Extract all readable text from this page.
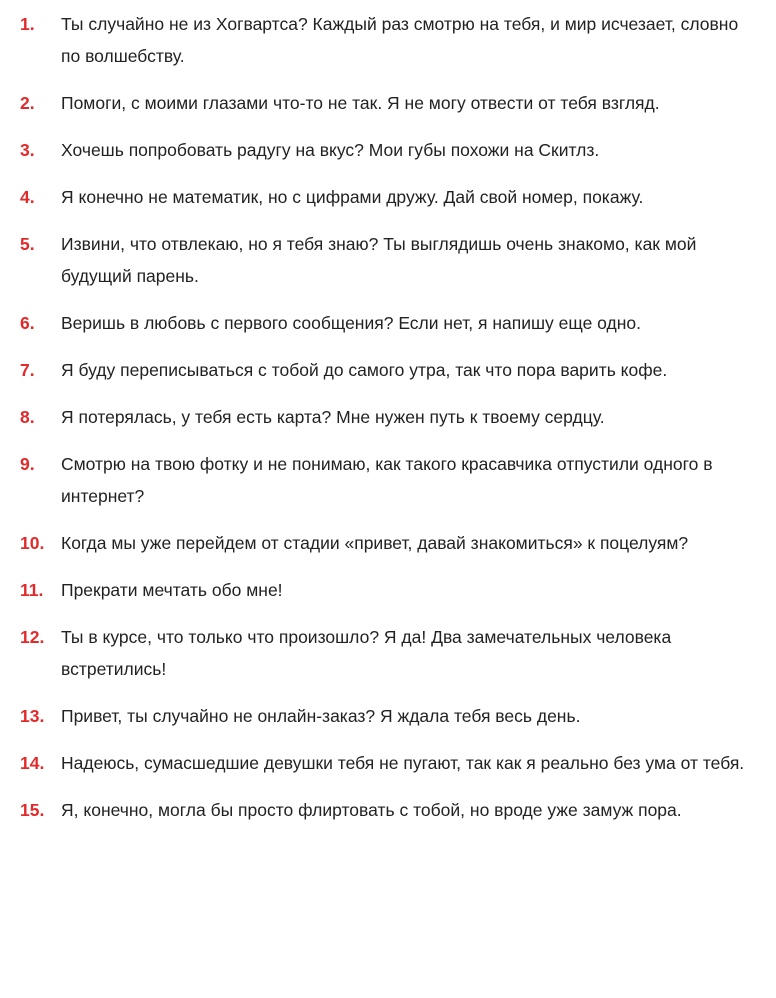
1.	Ты случайно не из Хогвартса? Каждый раз смотрю на тебя, и мир исчезает, словно по волшебству.
2.	Помоги, с моими глазами что-то не так. Я не могу отвести от тебя взгляд.
3.	Хочешь попробовать радугу на вкус? Мои губы похожи на Скитлз.
4.	Я конечно не математик, но с цифрами дружу. Дай свой номер, покажу.
5.	Извини, что отвлекаю, но я тебя знаю? Ты выглядишь очень знакомо, как мой будущий парень.
6.	Веришь в любовь с первого сообщения? Если нет, я напишу еще одно.
7.	Я буду переписываться с тобой до самого утра, так что пора варить кофе.
8.	Я потерялась, у тебя есть карта? Мне нужен путь к твоему сердцу.
9.	Смотрю на твою фотку и не понимаю, как такого красавчика отпустили одного в интернет?
10. Когда мы уже перейдем от стадии «привет, давай знакомиться» к поцелуям?
11.	Прекрати мечтать обо мне!
12. Ты в курсе, что только что произошло? Я да! Два замечательных человека встретились!
13. Привет, ты случайно не онлайн-заказ? Я ждала тебя весь день.
14. Надеюсь, сумасшедшие девушки тебя не пугают, так как я реально без ума от тебя.
15. Я, конечно, могла бы просто флиртовать с тобой, но вроде уже замуж пора.
